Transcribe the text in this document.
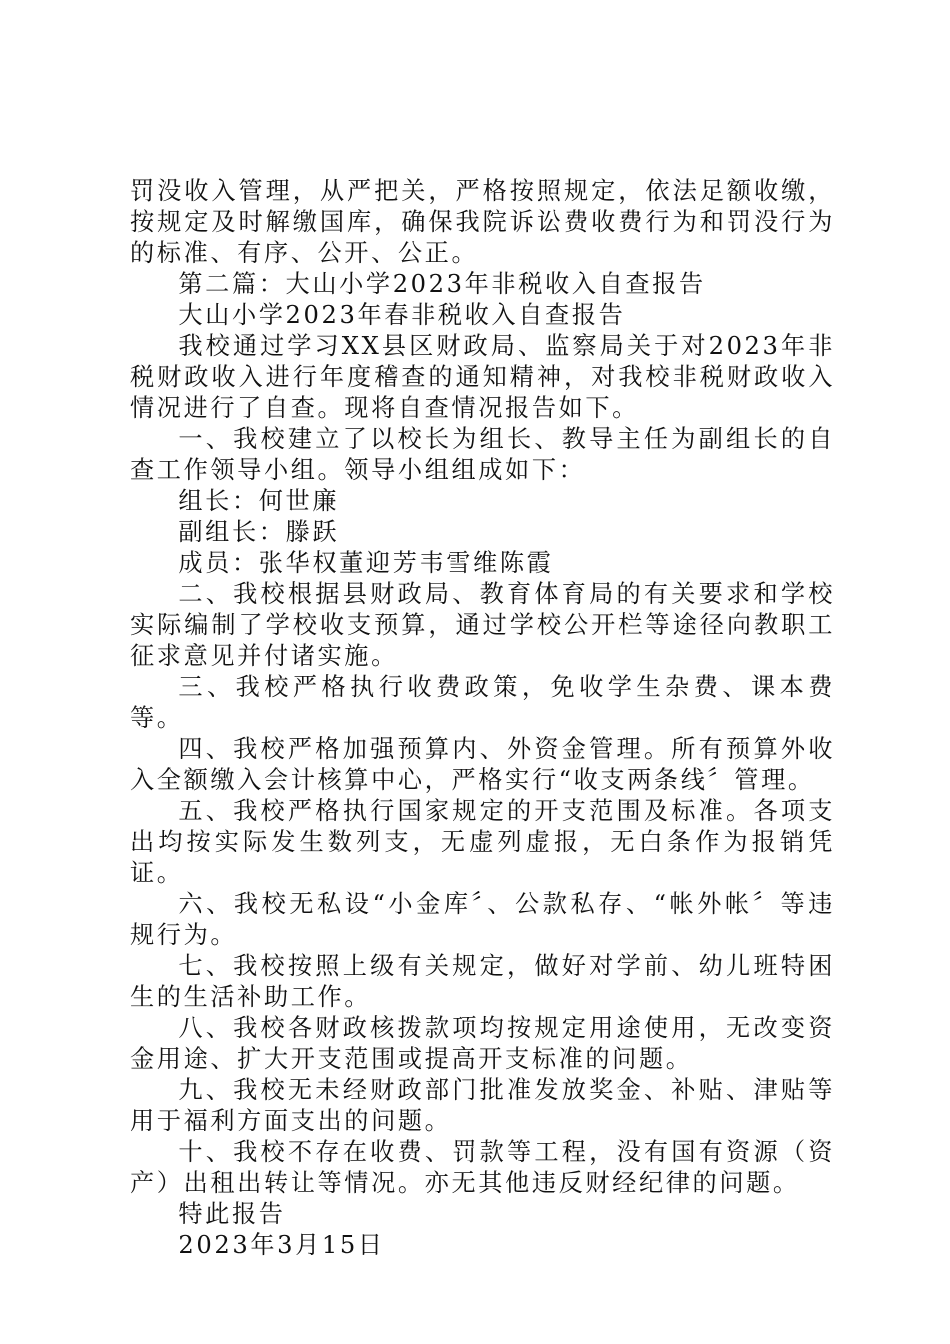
罚没收入管理，从严把关，严格按照规定，依法足额收缴，按规定及时解缴国库，确保我院诉讼费收费行为和罚没行为的标准、有序、公开、公正。

第二篇：大山小学2023年非税收入自查报告

大山小学2023年春非税收入自查报告

我校通过学习XX县区财政局、监察局关于对2023年非税财政收入进行年度稽查的通知精神，对我校非税财政收入情况进行了自查。现将自查情况报告如下。

一、我校建立了以校长为组长、教导主任为副组长的自查工作领导小组。领导小组组成如下：

组长：何世廉

副组长：滕跃

成员：张华权董迎芳韦雪维陈霞

二、我校根据县财政局、教育体育局的有关要求和学校实际编制了学校收支预算，通过学校公开栏等途径向教职工征求意见并付诸实施。

三、我校严格执行收费政策，免收学生杂费、课本费等。

四、我校严格加强预算内、外资金管理。所有预算外收入全额缴入会计核算中心，严格实行“收支两条线〞管理。

五、我校严格执行国家规定的开支范围及标准。各项支出均按实际发生数列支，无虚列虚报，无白条作为报销凭证。

六、我校无私设“小金库〞、公款私存、“帐外帐〞等违规行为。

七、我校按照上级有关规定，做好对学前、幼儿班特困生的生活补助工作。

八、我校各财政核拨款项均按规定用途使用，无改变资金用途、扩大开支范围或提高开支标准的问题。

九、我校无未经财政部门批准发放奖金、补贴、津贴等用于福利方面支出的问题。

十、我校不存在收费、罚款等工程，没有国有资源（资产）出租出转让等情况。亦无其他违反财经纪律的问题。

特此报告

2023年3月15日
